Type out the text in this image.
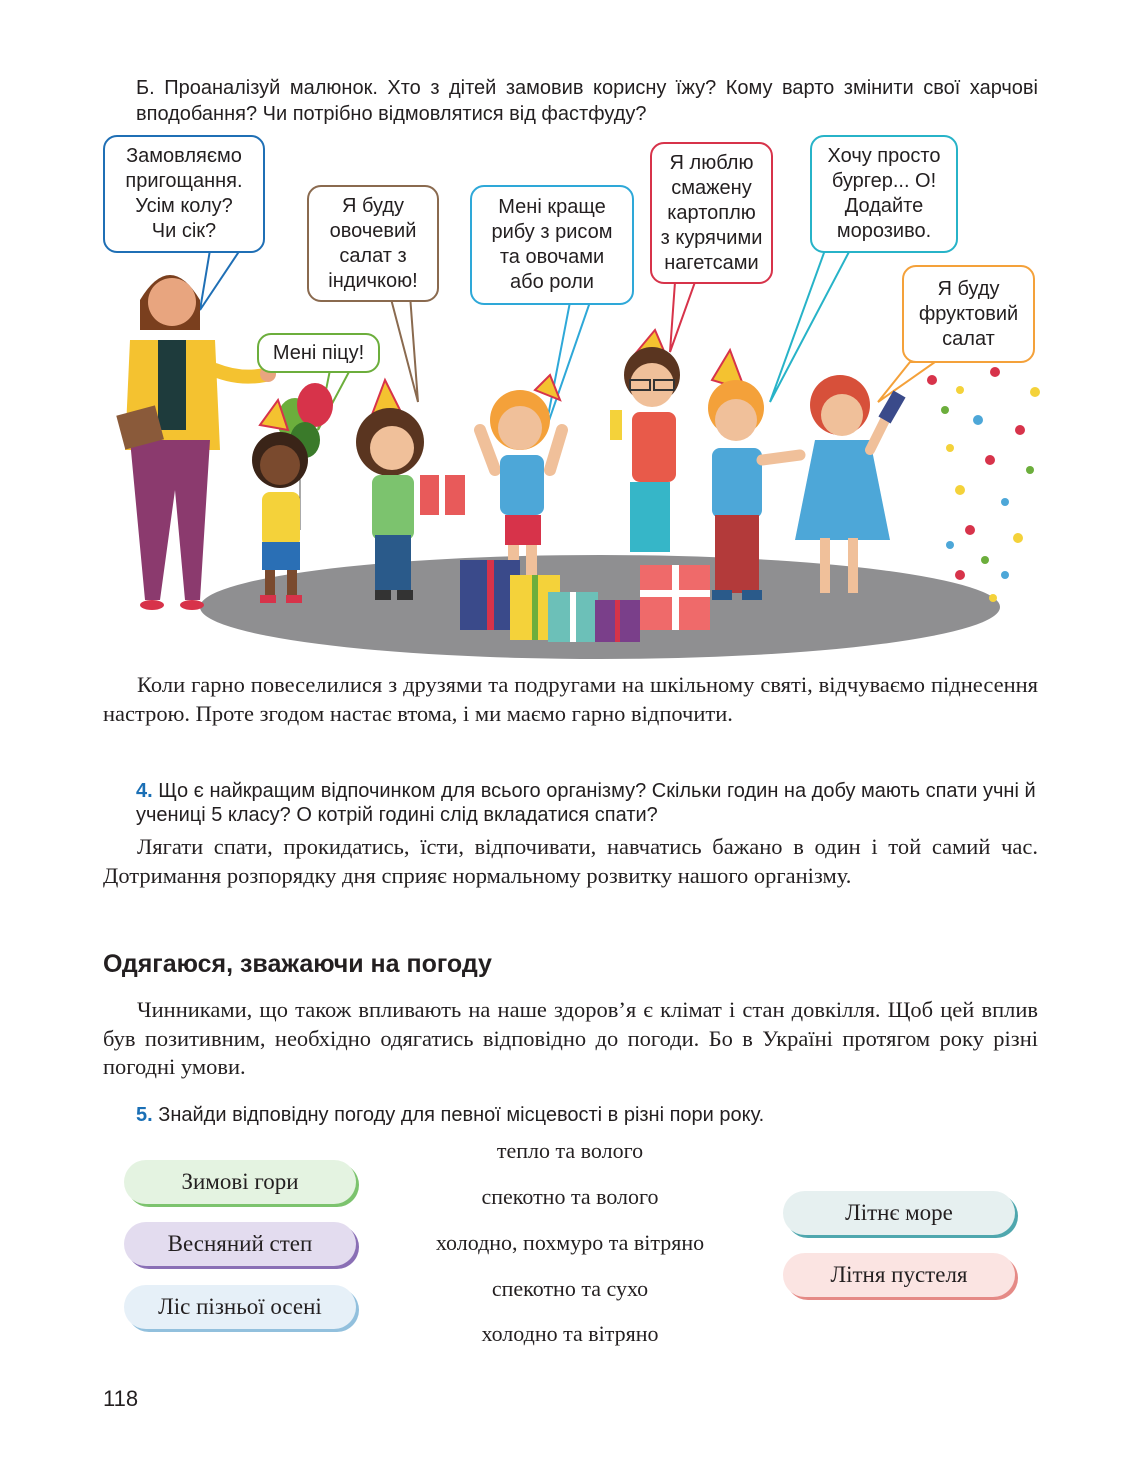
Б. Проаналізуй малюнок. Хто з дітей замовив корисну їжу? Кому варто змінити свої харчові вподобання? Чи потрібно відмовлятися від фастфуду?
Замовляємо
пригощання.
Усім колу?
Чи сік?
Мені піцу!
Я буду
овочевий
салат з
індичкою!
Мені краще
рибу з рисом
та овочами
або роли
Я люблю
смажену
картоплю
з курячими
нагетсами
Хочу просто
бургер... О!
Додайте
морозиво.
Я буду
фруктовий
салат
Коли гарно повеселилися з друзями та подругами на шкільному святі, відчуваємо піднесення настрою. Проте згодом настає втома, і ми маємо гарно відпочити.
4. Що є найкращим відпочинком для всього організму? Скільки годин на добу мають спати учні й учениці 5 класу? О котрій годині слід вкладатися спати?
Лягати спати, прокидатись, їсти, відпочивати, навчатись бажано в один і той самий час. Дотримання розпорядку дня сприяє нормальному розвитку нашого організму.
Одягаюся, зважаючи на погоду
Чинниками, що також впливають на наше здоров’я є клімат і стан довкілля. Щоб цей вплив був позитивним, необхідно одягатись відповідно до погоди. Бо в Україні протягом року різні погодні умови.
5. Знайди відповідну погоду для певної місцевості в різні пори року.
Зимові гори
Весняний степ
Ліс пізньої осені
тепло та волого
спекотно та волого
холодно, похмуро та вітряно
спекотно та сухо
холодно та вітряно
Літнє море
Літня пустеля
118
